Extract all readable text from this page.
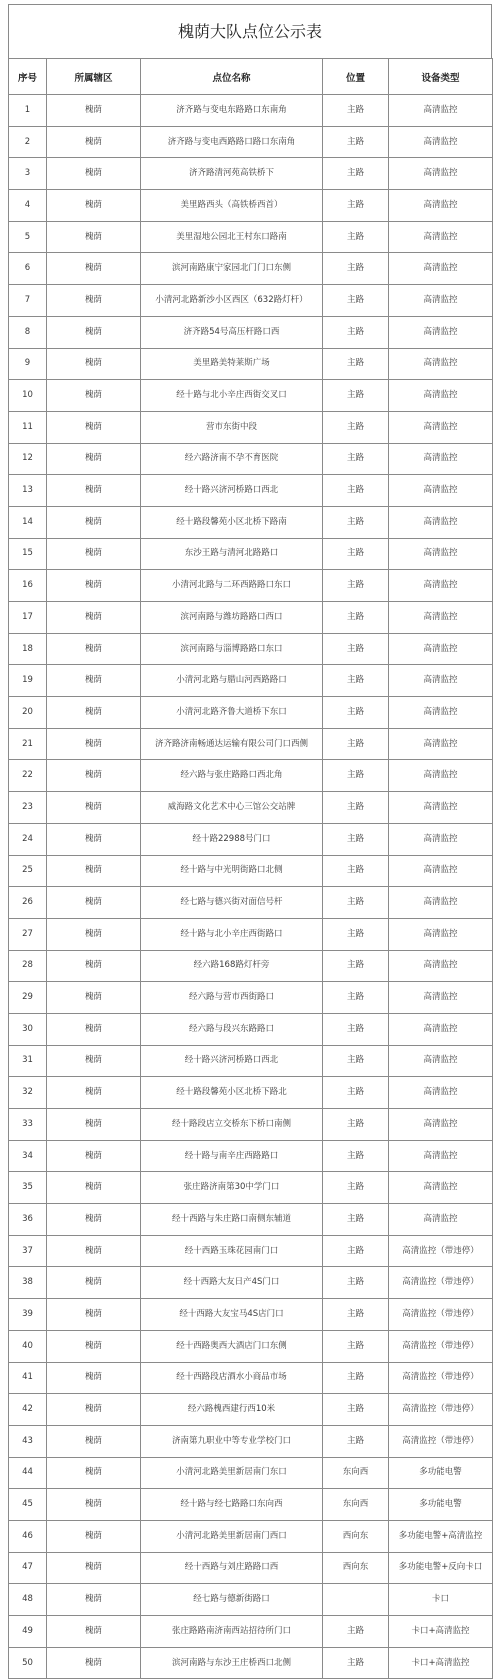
槐荫大队点位公示表
序号	所属辖区	点位名称	位置	设备类型
1	槐荫	济齐路与变电东路路口东南角	主路	高清监控
2	槐荫	济齐路与变电西路路口路口东南角	主路	高清监控
3	槐荫	济齐路清河苑高铁桥下	主路	高清监控
4	槐荫	美里路西头（高铁桥西首）	主路	高清监控
5	槐荫	美里湿地公园北王村东口路南	主路	高清监控
6	槐荫	滨河南路康宁家园北门门口东侧	主路	高清监控
7	槐荫	小清河北路新沙小区西区（632路灯杆）	主路	高清监控
8	槐荫	济齐路54号高压杆路口西	主路	高清监控
9	槐荫	美里路美特莱斯广场	主路	高清监控
10	槐荫	经十路与北小辛庄西街交叉口	主路	高清监控
11	槐荫	营市东街中段	主路	高清监控
12	槐荫	经六路济南不孕不育医院	主路	高清监控
13	槐荫	经十路兴济河桥路口西北	主路	高清监控
14	槐荫	经十路段馨苑小区北桥下路南	主路	高清监控
15	槐荫	东沙王路与清河北路路口	主路	高清监控
16	槐荫	小清河北路与二环西路路口东口	主路	高清监控
17	槐荫	滨河南路与潍坊路路口西口	主路	高清监控
18	槐荫	滨河南路与淄博路路口东口	主路	高清监控
19	槐荫	小清河北路与腊山河西路路口	主路	高清监控
20	槐荫	小清河北路齐鲁大道桥下东口	主路	高清监控
21	槐荫	济齐路济南畅通达运输有限公司门口西侧	主路	高清监控
22	槐荫	经六路与张庄路路口西北角	主路	高清监控
23	槐荫	威海路文化艺术中心三馆公交站牌	主路	高清监控
24	槐荫	经十路22988号门口	主路	高清监控
25	槐荫	经十路与中光明街路口北侧	主路	高清监控
26	槐荫	经七路与德兴街对面信号杆	主路	高清监控
27	槐荫	经十路与北小辛庄西街路口	主路	高清监控
28	槐荫	经六路168路灯杆旁	主路	高清监控
29	槐荫	经六路与营市西街路口	主路	高清监控
30	槐荫	经六路与段兴东路路口	主路	高清监控
31	槐荫	经十路兴济河桥路口西北	主路	高清监控
32	槐荫	经十路段馨苑小区北桥下路北	主路	高清监控
33	槐荫	经十路段店立交桥东下桥口南侧	主路	高清监控
34	槐荫	经十路与南辛庄西路路口	主路	高清监控
35	槐荫	张庄路济南第30中学门口	主路	高清监控
36	槐荫	经十西路与朱庄路口南侧东辅道	主路	高清监控
37	槐荫	经十西路玉珠花园南门口	主路	高清监控（带违停）
38	槐荫	经十西路大友日产4S门口	主路	高清监控（带违停）
39	槐荫	经十西路大友宝马4S店门口	主路	高清监控（带违停）
40	槐荫	经十西路奥西大酒店门口东侧	主路	高清监控（带违停）
41	槐荫	经十西路段店酒水小商品市场	主路	高清监控（带违停）
42	槐荫	经六路槐西建行西10米	主路	高清监控（带违停）
43	槐荫	济南第九职业中等专业学校门口	主路	高清监控（带违停）
44	槐荫	小清河北路美里新居南门东口	东向西	多功能电警
45	槐荫	经十路与经七路路口东向西	东向西	多功能电警
46	槐荫	小清河北路美里新居南门西口	西向东	多功能电警+高清监控
47	槐荫	经十西路与刘庄路路口西	西向东	多功能电警+反向卡口
48	槐荫	经七路与德新街路口		卡口
49	槐荫	张庄路路南济南西站招待所门口	主路	卡口+高清监控
50	槐荫	滨河南路与东沙王庄桥西口北侧	主路	卡口+高清监控
